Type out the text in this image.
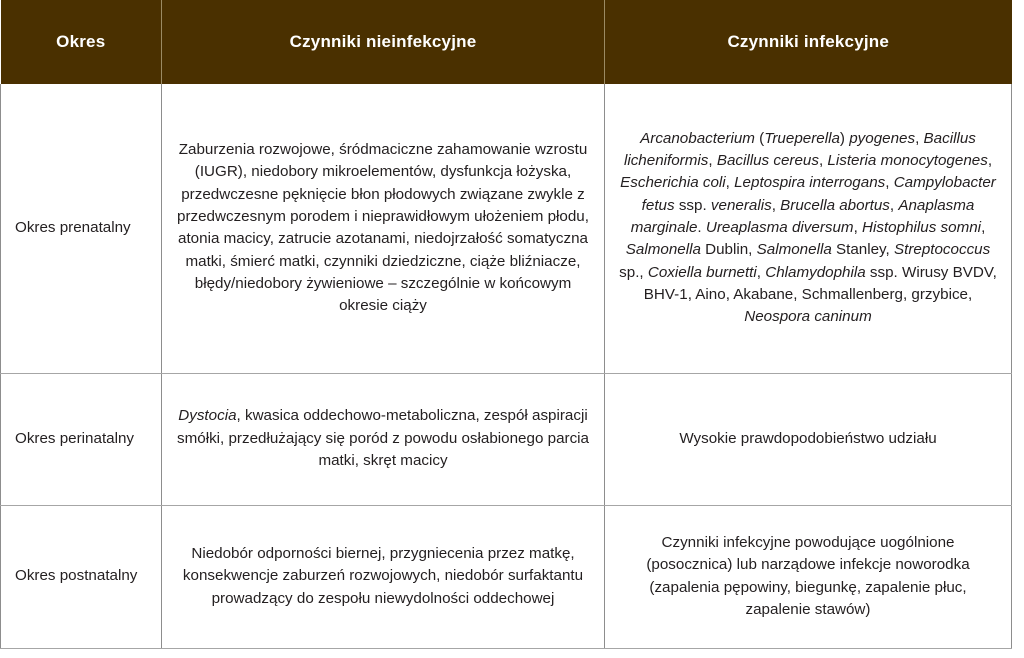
Okres	Czynniki nieinfekcyjne	Czynniki infekcyjne
Okres prenatalny	Zaburzenia rozwojowe, śródmaciczne zahamowanie wzrostu (IUGR), niedobory mikroelementów, dysfunkcja łożyska, przedwczesne pęknięcie błon płodowych związane zwykle z przedwczesnym porodem i nieprawidłowym ułożeniem płodu, atonia macicy, zatrucie azotanami, niedojrzałość somatyczna matki, śmierć matki, czynniki dziedziczne, ciąże bliźniacze, błędy/niedobory żywieniowe – szczególnie w końcowym okresie ciąży	Arcanobacterium (Trueperella) pyogenes, Bacillus licheniformis, Bacillus cereus, Listeria monocytogenes, Escherichia coli, Leptospira interrogans, Campylobacter fetus ssp. veneralis, Brucella abortus, Anaplasma marginale. Ureaplasma diversum, Histophilus somni, Salmonella Dublin, Salmonella Stanley, Streptococcus sp., Coxiella burnetti, Chlamydophila ssp. Wirusy BVDV, BHV-1, Aino, Akabane, Schmallenberg, grzybice, Neospora caninum
Okres perinatalny	Dystocia, kwasica oddechowo-metaboliczna, zespół aspiracji smółki, przedłużający się poród z powodu osłabionego parcia matki, skręt macicy	Wysokie prawdopodobieństwo udziału
Okres postnatalny	Niedobór odporności biernej, przygniecenia przez matkę, konsekwencje zaburzeń rozwojowych, niedobór surfaktantu prowadzący do zespołu niewydolności oddechowej	Czynniki infekcyjne powodujące uogólnione (posocznica) lub narządowe infekcje noworodka (zapalenia pępowiny, biegunkę, zapalenie płuc, zapalenie stawów)
